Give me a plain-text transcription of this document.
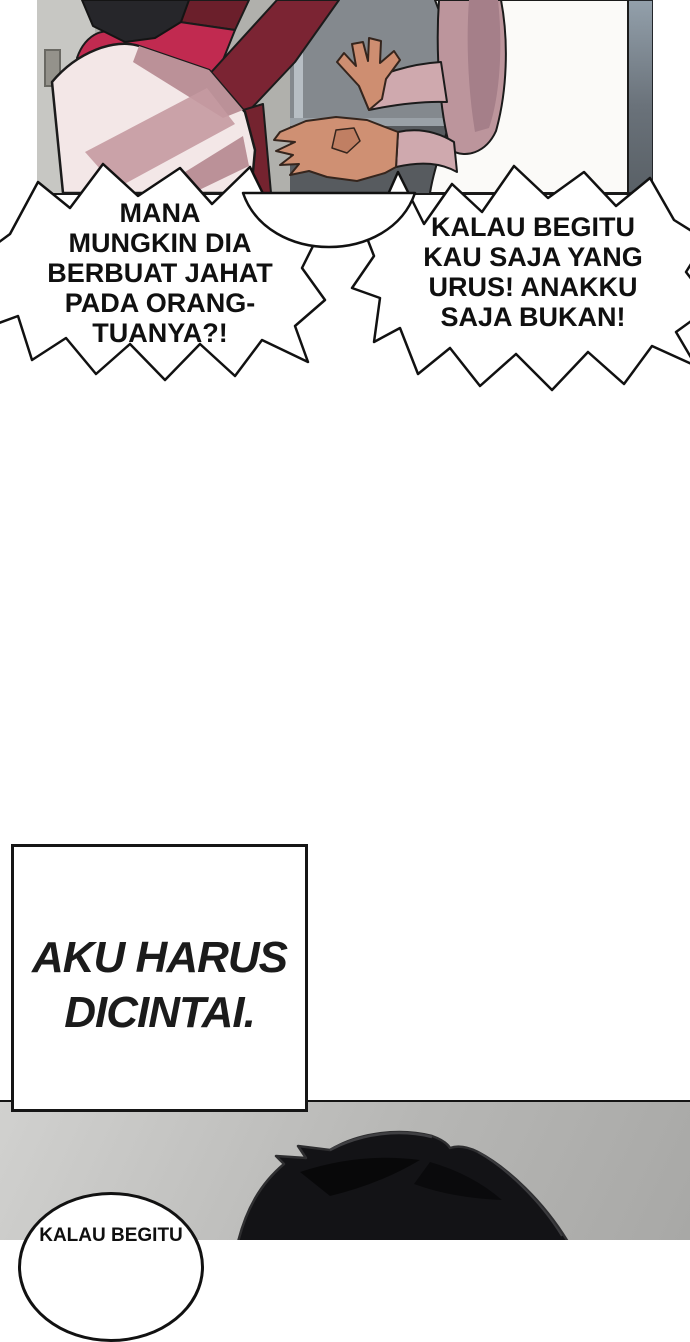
MANA
MUNGKIN DIA
BERBUAT JAHAT
PADA ORANG-
TUANYA?!
KALAU BEGITU
KAU SAJA YANG
URUS! ANAKKU
SAJA BUKAN!
AKU HARUS
DICINTAI.
KALAU BEGITU
